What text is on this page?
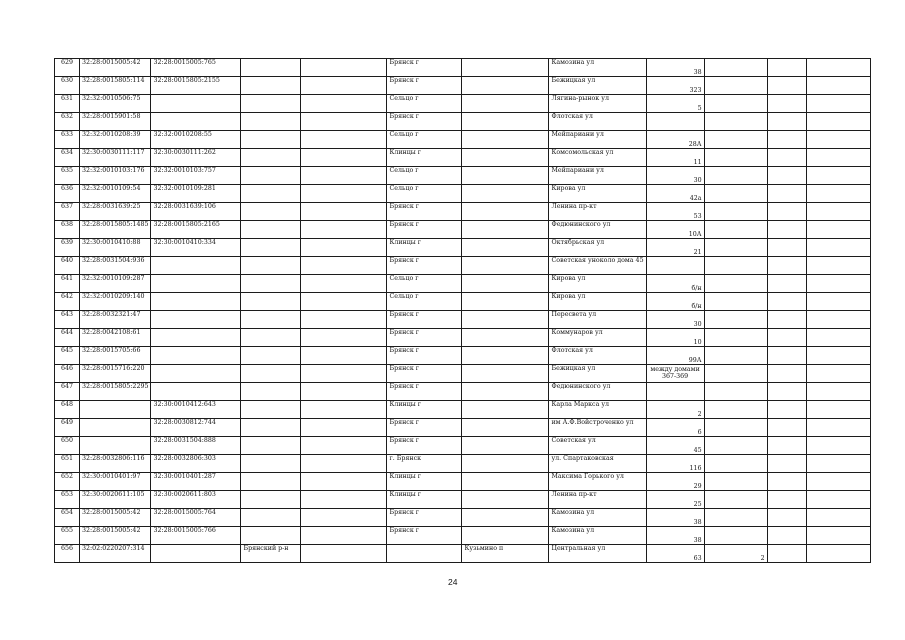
629	32:28:0015005:42	32:28:0015005:765			Брянск г		Камозина ул	38			
630	32:28:0015805:114	32:28:0015805:2155			Брянск г		Бежицкая ул	323			
631	32:32:0010506:75				Сельцо г		Лягина-рынок ул	5			
632	32:28:0015901:58				Брянск г		Флотская ул				
633	32:32:0010208:39	32:32:0010208:55			Сельцо г		Мейпариани ул	28А			
634	32:30:0030111:117	32:30:0030111:262			Клинцы г		Комсомольская ул	11			
635	32:32:0010103:176	32:32:0010103:757			Сельцо г		Мейпариани ул	30			
636	32:32:0010109:54	32:32:0010109:281			Сельцо г		Кирова ул	42а			
637	32:28:0031639:25	32:28:0031639:106			Брянск г		Ленина пр-кт	53			
638	32:28:0015805:1485	32:28:0015805:2165			Брянск г		Федюнинского ул	10А			
639	32:30:0010410:88	32:30:0010410:334			Клинцы г		Октябрьская ул	21			
640	32:28:0031504:936				Брянск г		Советская уноколо дома 45				
641	32:32:0010109:287				Сельцо г		Кирова ул	б/н			
642	32:32:0010209:140				Сельцо г		Кирова ул	б/н			
643	32:28:0032321:47				Брянск г		Пересвета ул	30			
644	32:28:0042108:61				Брянск г		Коммунаров ул	10			
645	32:28:0015705:66				Брянск г		Флотская ул	99А			
646	32:28:0015716:220				Брянск г		Бежицкая ул	между домами 367-369			
647	32:28:0015805:2295				Брянск г		Федюнинского ул				
648		32:30:0010412:643			Клинцы г		Карла Маркса ул	2			
649		32:28:0030812:744			Брянск г		им А.Ф.Войстроченко ул	6			
650		32:28:0031504:888			Брянск г		Советская ул	45			
651	32:28:0032806:116	32:28:0032806:303			г. Брянск		ул. Спартаковская	116			
652	32:30:0010401:97	32:30:0010401:287			Клинцы г		Максима Горького ул	29			
653	32:30:0020611:105	32:30:0020611:803			Клинцы г		Ленина пр-кт	25			
654	32:28:0015005:42	32:28:0015005:764			Брянск г		Камозина ул	38			
655	32:28:0015005:42	32:28:0015005:766			Брянск г		Камозина ул	38			
656	32:02:0220207:314		Брянский р-н			Кузьмино п	Центральная ул	63	2		
24
